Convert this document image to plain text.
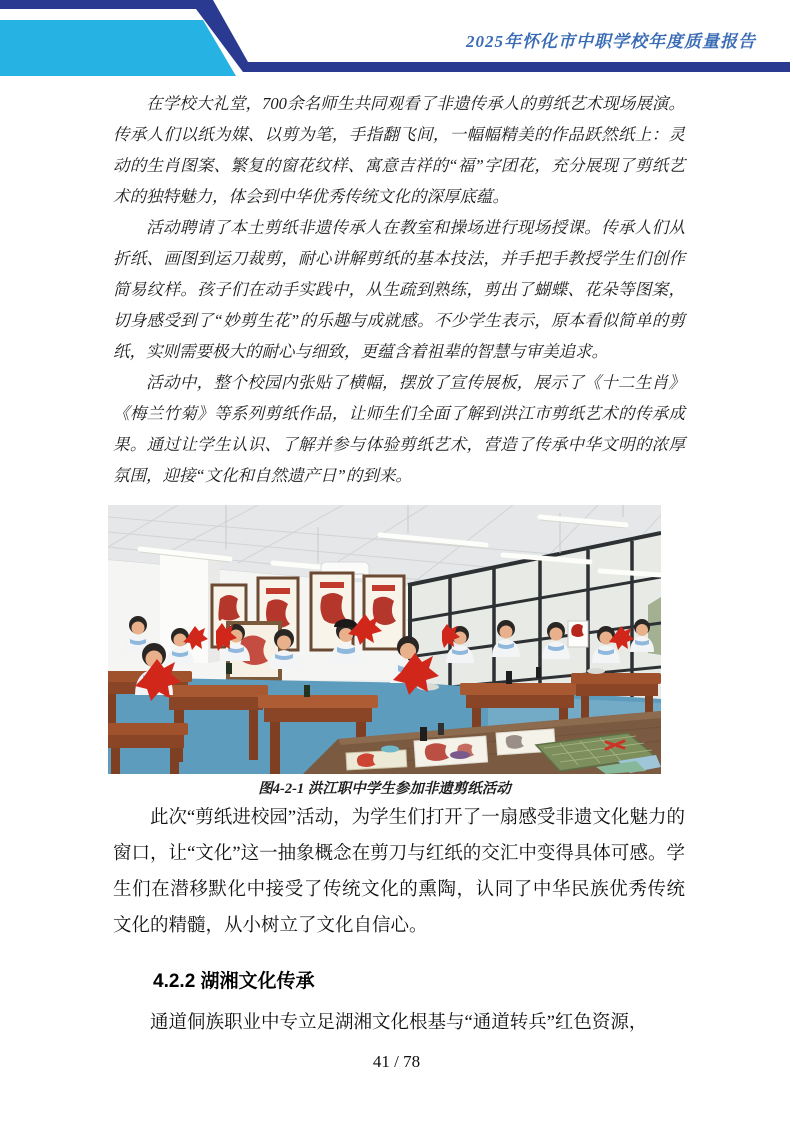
2025年怀化市中职学校年度质量报告

在学校大礼堂，700余名师生共同观看了非遗传承人的剪纸艺术现场展演。传承人们以纸为媒、以剪为笔，手指翻飞间，一幅幅精美的作品跃然纸上：灵动的生肖图案、繁复的窗花纹样、寓意吉祥的“福”字团花，充分展现了剪纸艺术的独特魅力，体会到中华优秀传统文化的深厚底蕴。

活动聘请了本土剪纸非遗传承人在教室和操场进行现场授课。传承人们从折纸、画图到运刀裁剪，耐心讲解剪纸的基本技法，并手把手教授学生们创作简易纹样。孩子们在动手实践中，从生疏到熟练，剪出了蝴蝶、花朵等图案，切身感受到了“妙剪生花”的乐趣与成就感。不少学生表示，原本看似简单的剪纸，实则需要极大的耐心与细致，更蕴含着祖辈的智慧与审美追求。

活动中，整个校园内张贴了横幅，摆放了宣传展板，展示了《十二生肖》《梅兰竹菊》等系列剪纸作品，让师生们全面了解到洪江市剪纸艺术的传承成果。通过让学生认识、了解并参与体验剪纸艺术，营造了传承中华文明的浓厚氛围，迎接“文化和自然遗产日”的到来。

图4-2-1 洪江职中学生参加非遗剪纸活动

此次“剪纸进校园”活动，为学生们打开了一扇感受非遗文化魅力的窗口，让“文化”这一抽象概念在剪刀与红纸的交汇中变得具体可感。学生们在潜移默化中接受了传统文化的熏陶，认同了中华民族优秀传统文化的精髓，从小树立了文化自信心。

4.2.2 湖湘文化传承

通道侗族职业中专立足湖湘文化根基与“通道转兵”红色资源，

41 / 78
